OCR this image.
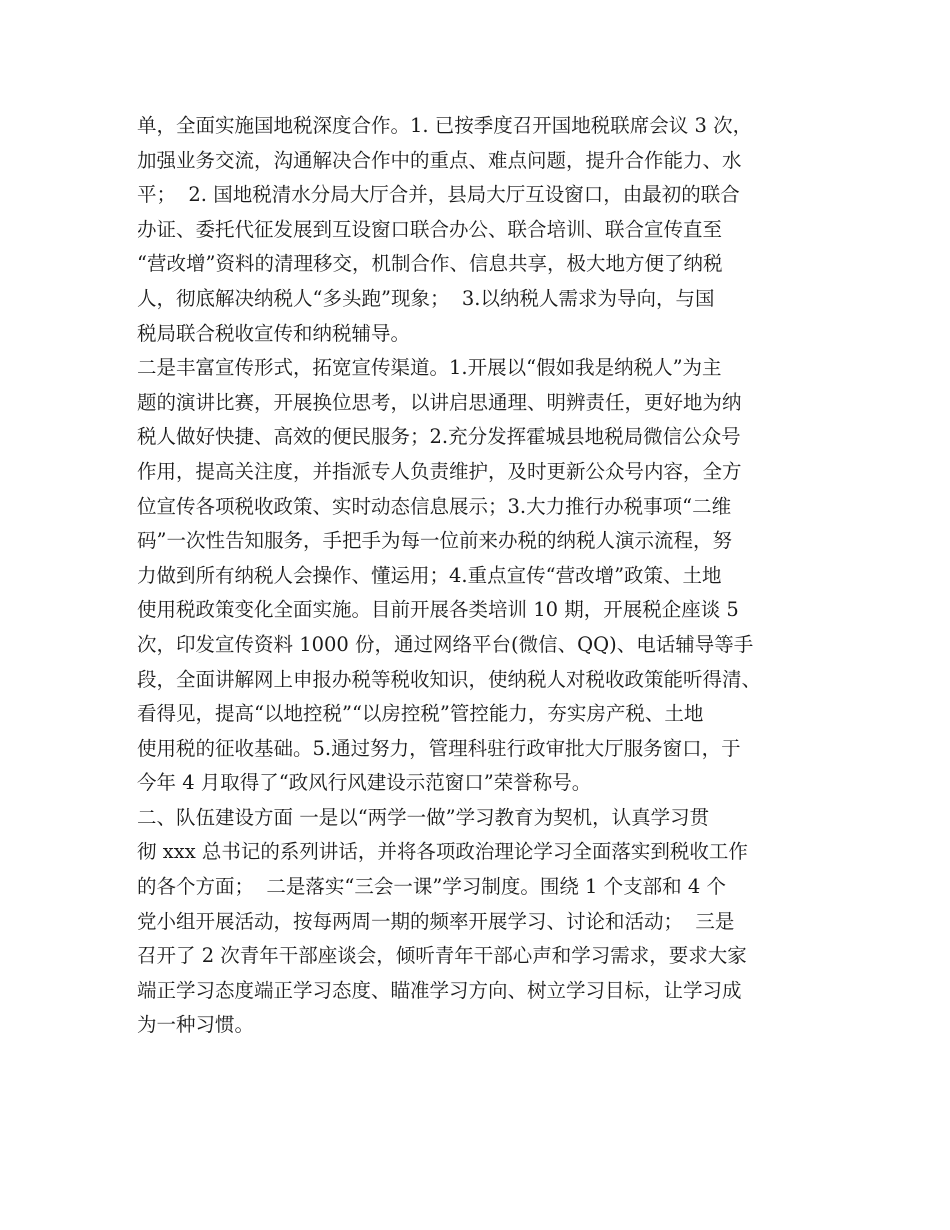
单，全面实施国地税深度合作。1. 已按季度召开国地税联席会议 3 次，
加强业务交流，沟通解决合作中的重点、难点问题，提升合作能力、水
平；  2. 国地税清水分局大厅合并，县局大厅互设窗口，由最初的联合
办证、委托代征发展到互设窗口联合办公、联合培训、联合宣传直至
“营改增”资料的清理移交，机制合作、信息共享，极大地方便了纳税
人，彻底解决纳税人“多头跑”现象；  3.以纳税人需求为导向，与国
税局联合税收宣传和纳税辅导。
二是丰富宣传形式，拓宽宣传渠道。1.开展以“假如我是纳税人”为主
题的演讲比赛，开展换位思考，以讲启思通理、明辨责任，更好地为纳
税人做好快捷、高效的便民服务；2.充分发挥霍城县地税局微信公众号
作用，提高关注度，并指派专人负责维护，及时更新公众号内容，全方
位宣传各项税收政策、实时动态信息展示；3.大力推行办税事项“二维
码”一次性告知服务，手把手为每一位前来办税的纳税人演示流程，努
力做到所有纳税人会操作、懂运用；4.重点宣传“营改增”政策、土地
使用税政策变化全面实施。目前开展各类培训 10 期，开展税企座谈 5
次，印发宣传资料 1000 份，通过网络平台(微信、QQ)、电话辅导等手
段，全面讲解网上申报办税等税收知识，使纳税人对税收政策能听得清、
看得见，提高“以地控税”“以房控税”管控能力，夯实房产税、土地
使用税的征收基础。5.通过努力，管理科驻行政审批大厅服务窗口，于
今年 4 月取得了“政风行风建设示范窗口”荣誉称号。
二、队伍建设方面 一是以“两学一做”学习教育为契机，认真学习贯
彻 xxx 总书记的系列讲话，并将各项政治理论学习全面落实到税收工作
的各个方面；  二是落实“三会一课”学习制度。围绕 1 个支部和 4 个
党小组开展活动，按每两周一期的频率开展学习、讨论和活动；  三是
召开了 2 次青年干部座谈会，倾听青年干部心声和学习需求，要求大家
端正学习态度端正学习态度、瞄准学习方向、树立学习目标，让学习成
为一种习惯。
